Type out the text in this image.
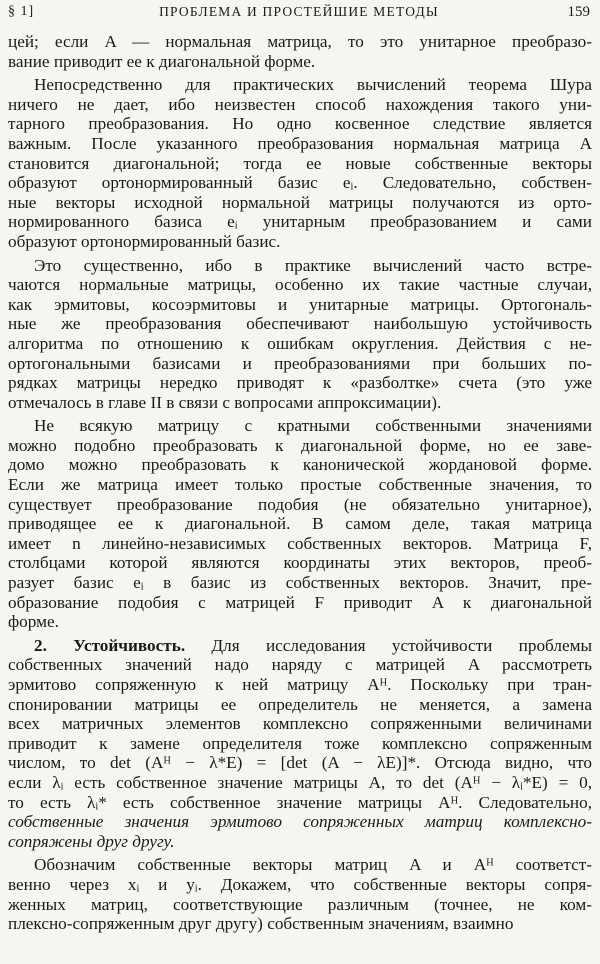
§ 1]	ПРОБЛЕМА И ПРОСТЕЙШИЕ МЕТОДЫ	159
цей; если A — нормальная матрица, то это унитарное преобразо-
вание приводит ее к диагональной форме.
Непосредственно для практических вычислений теорема Шура
ничего не дает, ибо неизвестен способ нахождения такого уни-
тарного преобразования. Но одно косвенное следствие является
важным. После указанного преобразования нормальная матрица A
становится диагональной; тогда ее новые собственные векторы
образуют ортонормированный базис eᵢ. Следовательно, собствен-
ные векторы исходной нормальной матрицы получаются из орто-
нормированного базиса eᵢ унитарным преобразованием и сами
образуют ортонормированный базис.
Это существенно, ибо в практике вычислений часто встре-
чаются нормальные матрицы, особенно их такие частные случаи,
как эрмитовы, косоэрмитовы и унитарные матрицы. Ортогональ-
ные же преобразования обеспечивают наибольшую устойчивость
алгоритма по отношению к ошибкам округления. Действия с не-
ортогональными базисами и преобразованиями при больших по-
рядках матрицы нередко приводят к «разболтке» счета (это уже
отмечалось в главе II в связи с вопросами аппроксимации).
Не всякую матрицу с кратными собственными значениями
можно подобно преобразовать к диагональной форме, но ее заве-
домо можно преобразовать к канонической жордановой форме.
Если же матрица имеет только простые собственные значения, то
существует преобразование подобия (не обязательно унитарное),
приводящее ее к диагональной. В самом деле, такая матрица
имеет n линейно-независимых собственных векторов. Матрица F,
столбцами которой являются координаты этих векторов, преоб-
разует базис eᵢ в базис из собственных векторов. Значит, пре-
образование подобия с матрицей F приводит A к диагональной
форме.
2. Устойчивость. Для исследования устойчивости проблемы
собственных значений надо наряду с матрицей A рассмотреть
эрмитово сопряженную к ней матрицу Aᴴ. Поскольку при тран-
спонировании матрицы ее определитель не меняется, а замена
всех матричных элементов комплексно сопряженными величинами
приводит к замене определителя тоже комплексно сопряженным
числом, то det (Aᴴ − λ*E) = [det (A − λE)]*. Отсюда видно, что
если λᵢ есть собственное значение матрицы A, то det (Aᴴ − λᵢ*E) = 0,
то есть λᵢ* есть собственное значение матрицы Aᴴ. Следовательно,
собственные значения эрмитово сопряженных матриц комплексно-
сопряжены друг другу.
Обозначим собственные векторы матриц A и Aᴴ соответст-
венно через xᵢ и yᵢ. Докажем, что собственные векторы сопря-
женных матриц, соответствующие различным (точнее, не ком-
плексно-сопряженным друг другу) собственным значениям, взаимно
